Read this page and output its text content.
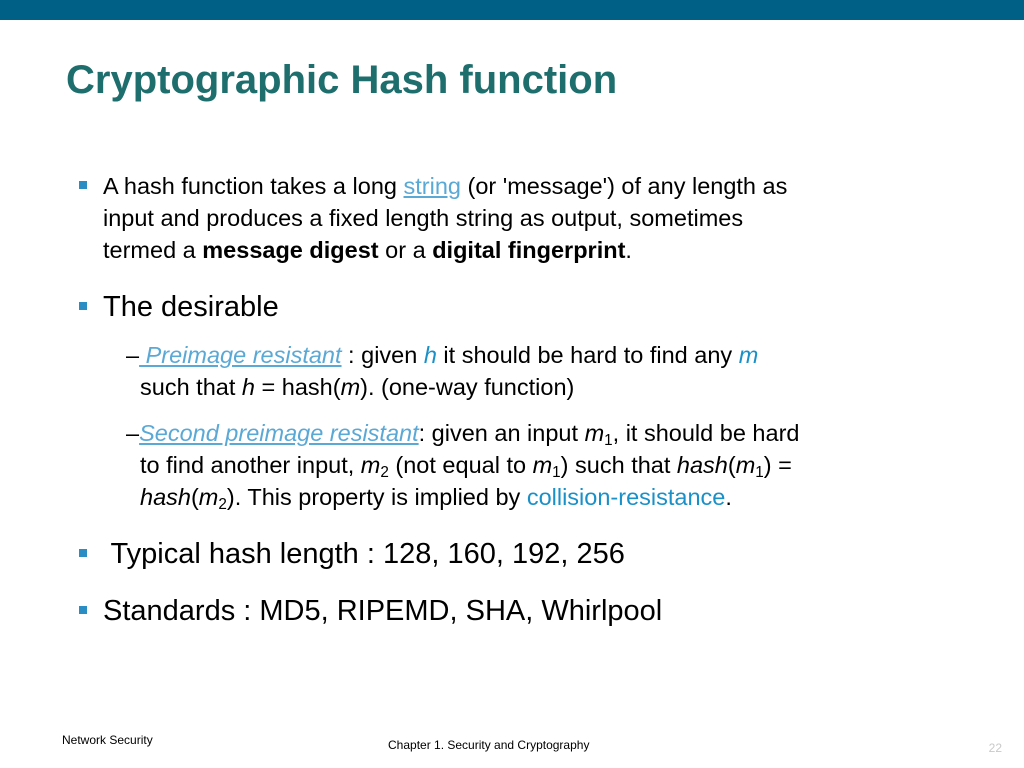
Cryptographic Hash function
A hash function takes a long string (or 'message') of any length as
input and produces a fixed length string as output, sometimes
termed a message digest or a digital fingerprint.
The desirable
– Preimage resistant : given h it should be hard to find any m
such that h = hash(m). (one-way function)
–Second preimage resistant: given an input $m_1$, it should be hard
to find another input, $m_2$ (not equal to $m_1$) such that $hash(m_1)$ =
$hash(m_2)$. This property is implied by collision-resistance.
Typical hash length : 128, 160, 192, 256
Standards : MD5, RIPEMD, SHA, Whirlpool
Network Security	Chapter 1. Security and Cryptography	22
